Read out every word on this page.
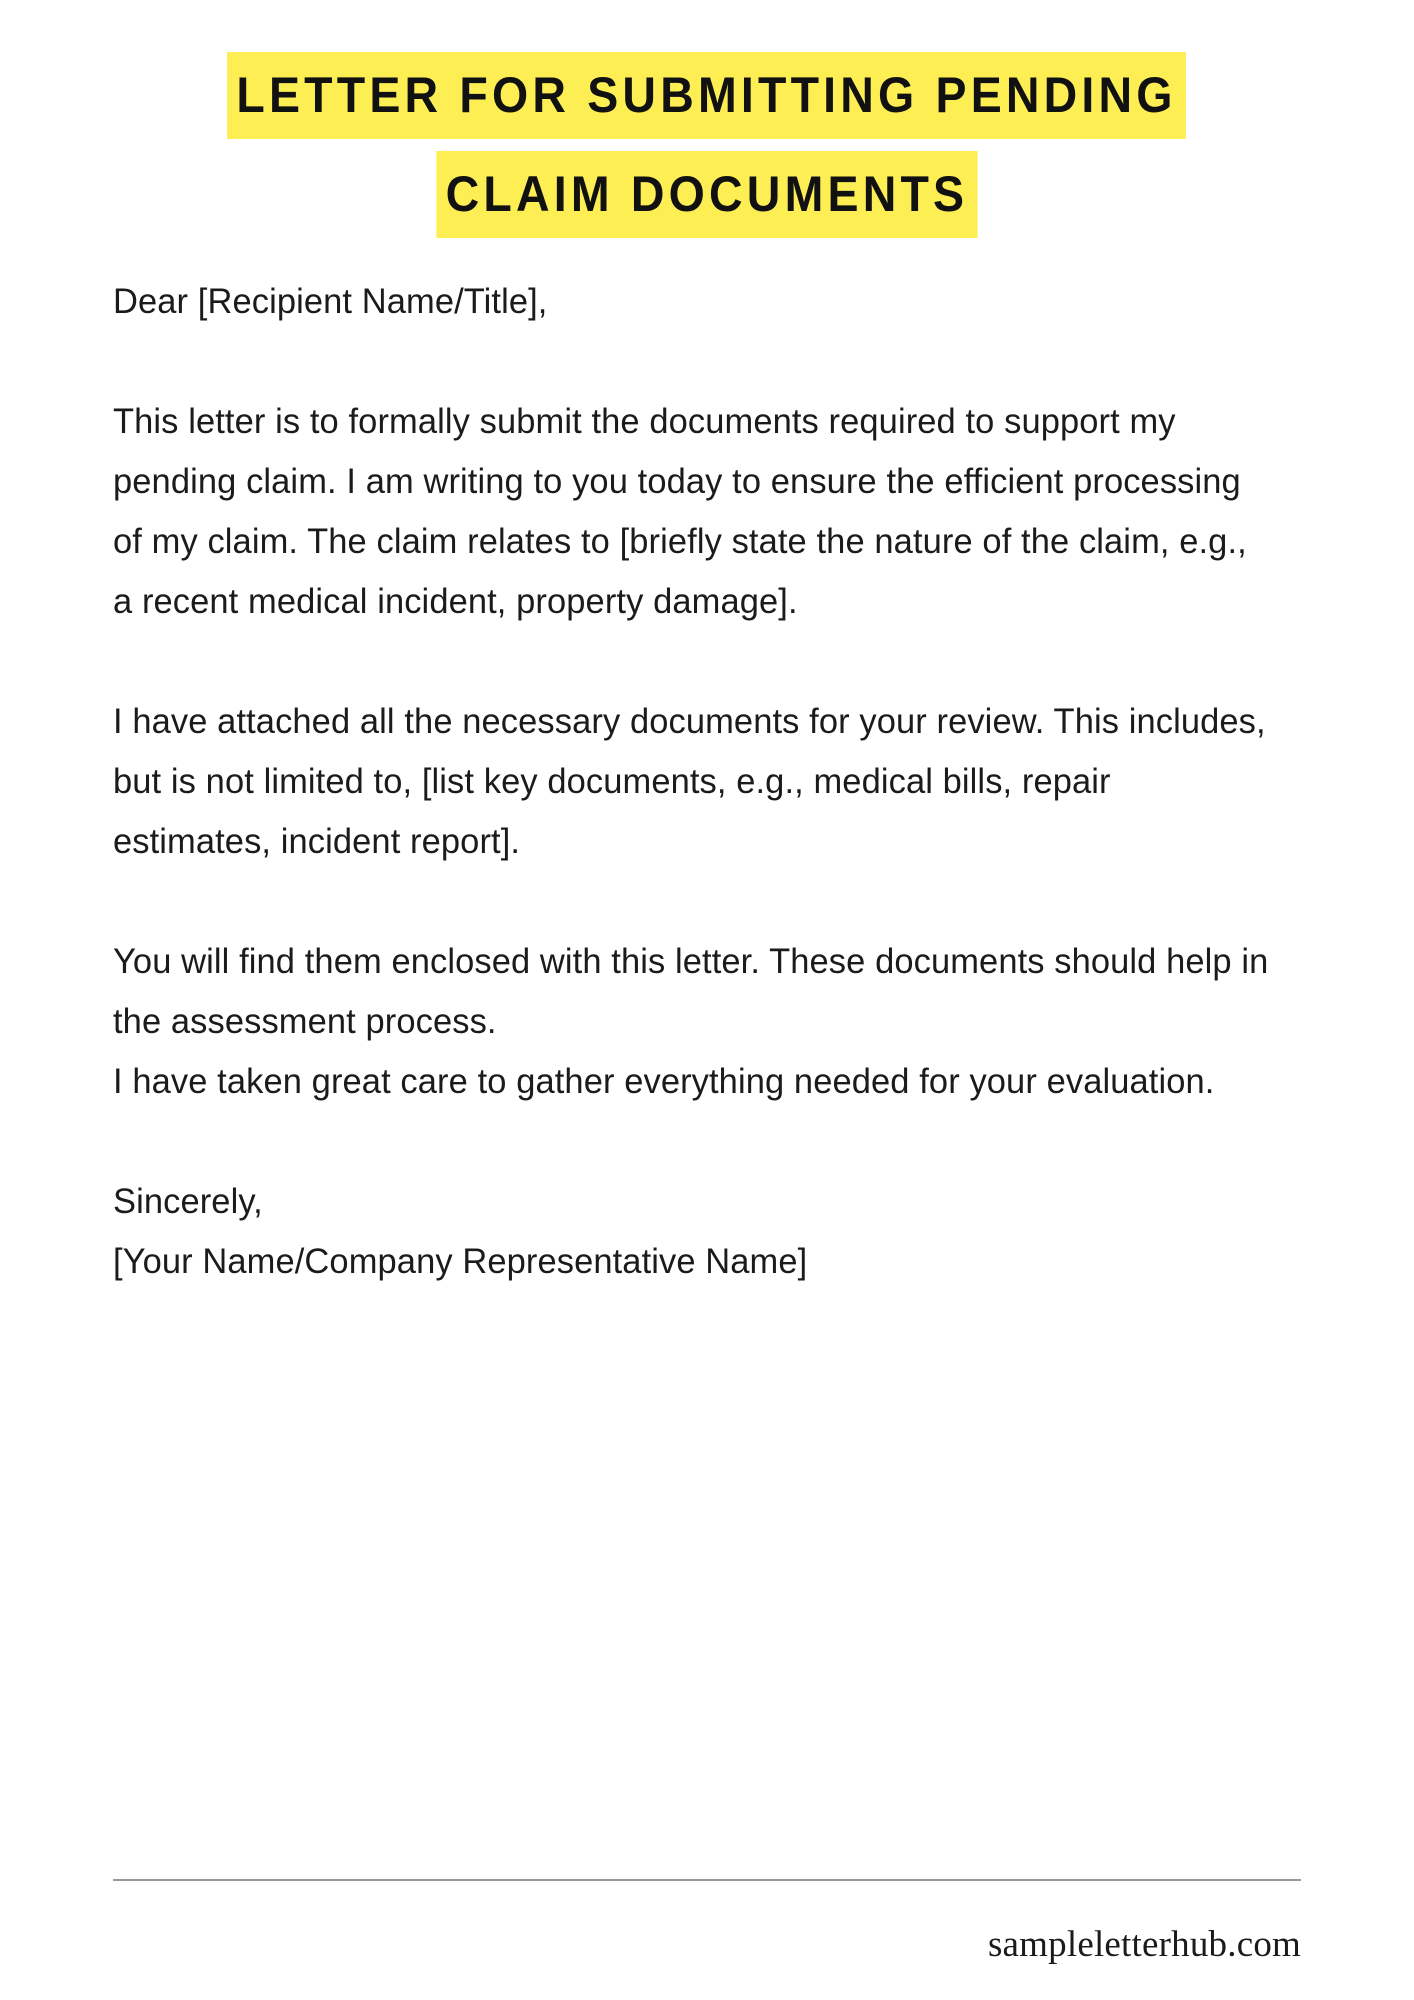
LETTER FOR SUBMITTING PENDING
CLAIM DOCUMENTS

Dear [Recipient Name/Title],

This letter is to formally submit the documents required to support my pending claim. I am writing to you today to ensure the efficient processing of my claim. The claim relates to [briefly state the nature of the claim, e.g., a recent medical incident, property damage].

I have attached all the necessary documents for your review. This includes, but is not limited to, [list key documents, e.g., medical bills, repair estimates, incident report].

You will find them enclosed with this letter. These documents should help in the assessment process.

I have taken great care to gather everything needed for your evaluation.

Sincerely,

[Your Name/Company Representative Name]

sampleletterhub.com
